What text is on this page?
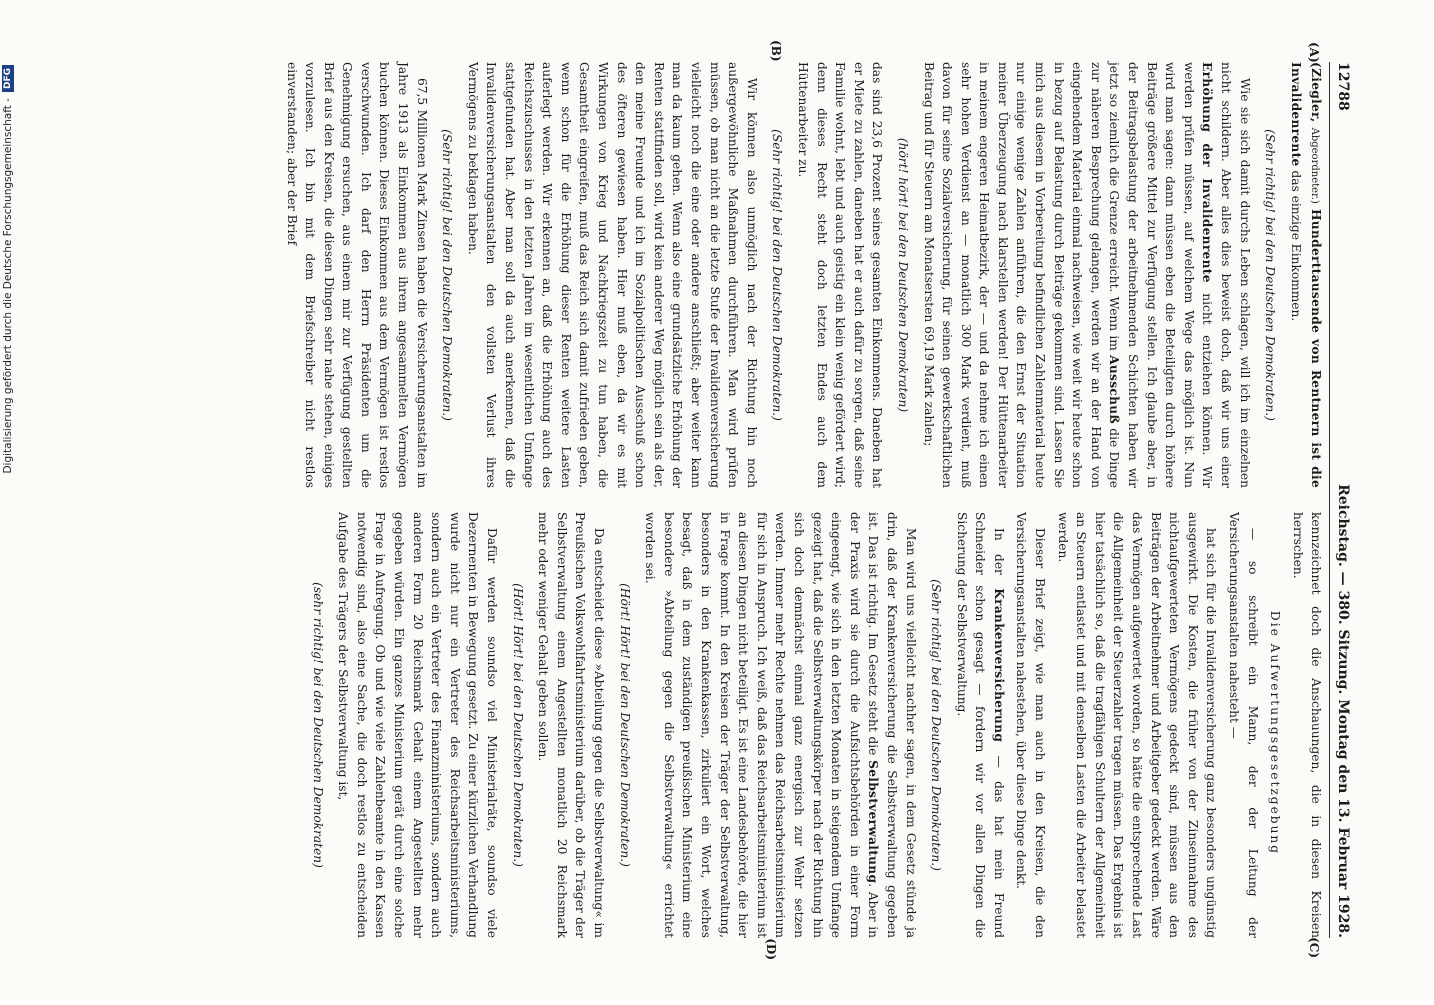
12788
Reichstag. — 380. Sitzung. Montag den 13. Februar 1928.
(A)
(C)
(B)
(D)

(Ziegler, Abgeordneter.) Hunderttausende von Rentnern ist die Invalidenrente das einzige Einkommen.

(Sehr richtig! bei den Deutschen Demokraten.)

Wie sie sich damit durchs Leben schlagen, will ich im einzelnen nicht schildern. Aber alles dies beweist doch, daß wir uns einer Erhöhung der Invalidenrente nicht entziehen können. Wir werden prüfen müssen, auf welchem Wege das möglich ist. Nun wird man sagen: dann müssen eben die Beteiligten durch höhere Beiträge größere Mittel zur Verfügung stellen. Ich glaube aber, in der Beitragsbelastung der arbeitnehmenden Schichten haben wir jetzt so ziemlich die Grenze erreicht. Wenn im Ausschuß die Dinge zur näheren Besprechung gelangen, werden wir an der Hand von eingehendem Material einmal nachweisen, wie weit wir heute schon in bezug auf Belastung durch Beiträge gekommen sind. Lassen Sie mich aus diesem in Vorbereitung befindlichen Zahlenmaterial heute nur einige wenige Zahlen anführen, die den Ernst der Situation meiner Überzeugung nach klarstellen werden! Der Hüttenarbeiter in meinem engeren Heimatbezirk, der — und da nehme ich einen sehr hohen Verdienst an — monatlich 300 Mark verdient, muß davon für seine Sozialversicherung, für seinen gewerkschaftlichen Beitrag und für Steuern am Monatsersten 69,19 Mark zahlen;

(hört! hört! bei den Deutschen Demokraten)

das sind 23,6 Prozent seines gesamten Einkommens. Daneben hat er Miete zu zahlen, daneben hat er auch dafür zu sorgen, daß seine Familie wohnt, lebt und auch geistig ein klein wenig gefördert wird; denn dieses Recht steht doch letzten Endes auch dem Hüttenarbeiter zu.

(Sehr richtig! bei den Deutschen Demokraten.)

Wir können also unmöglich nach der Richtung hin noch außergewöhnliche Maßnahmen durchführen. Man wird prüfen müssen, ob man nicht an die letzte Stufe der Invalidenversicherung vielleicht noch die eine oder andere anschließt; aber weiter kann man da kaum gehen. Wenn also eine grundsätzliche Erhöhung der Renten stattfinden soll, wird kein anderer Weg möglich sein als der, den meine Freunde und ich im Sozialpolitischen Ausschuß schon des öfteren gewiesen haben. Hier muß eben, da wir es mit Wirkungen von Krieg und Nachkriegszeit zu tun haben, die Gesamtheit eingreifen, muß das Reich sich damit zufrieden geben, wenn schon für die Erhöhung dieser Renten weitere Lasten auferlegt werden. Wir erkennen an, daß die Erhöhung auch des Reichszuschusses in den letzten Jahren im wesentlichen Umfange stattgefunden hat. Aber man soll da auch anerkennen, daß die Invalidenversicherungsanstalten den vollsten Verlust ihres Vermögens zu beklagen haben.

(Sehr richtig! bei den Deutschen Demokraten.)

67,5 Millionen Mark Zinsen haben die Versicherungsanstalten im Jahre 1913 als Einkommen aus ihrem angesammelten Vermögen buchen können. Dieses Einkommen aus dem Vermögen ist restlos verschwunden. Ich darf den Herrn Präsidenten um die Genehmigung ersuchen, aus einem mir zur Verfügung gestellten Brief aus den Kreisen, die diesen Dingen sehr nahe stehen, einiges vorzulesen. Ich bin mit dem Briefschreiber nicht restlos einverstanden; aber der Brief

kennzeichnet doch die Anschauungen, die in diesen Kreisen herrschen.

Die Aufwertungsgesetzgebung

— so schreibt ein Mann, der der Leitung der Versicherungsanstalten nahesteht —

hat sich für die Invalidenversicherung ganz besonders ungünstig ausgewirkt. Die Kosten, die früher von der Zinseinnahme des nichtaufgewerteten Vermögens gedeckt sind, müssen aus den Beiträgen der Arbeitnehmer und Arbeitgeber gedeckt werden. Wäre das Vermögen aufgewertet worden, so hätte die entsprechende Last die Allgemeinheit der Steuerzahler tragen müssen. Das Ergebnis ist hier tatsächlich so, daß die tragfähigen Schultern der Allgemeinheit an Steuern entlastet und mit denselben Lasten die Arbeiter belastet werden.

Dieser Brief zeigt, wie man auch in den Kreisen, die den Versicherungsanstalten nahestehen, über diese Dinge denkt.

In der Krankenversicherung — das hat mein Freund Schneider schon gesagt — fordern wir vor allen Dingen die Sicherung der Selbstverwaltung.

(Sehr richtig! bei den Deutschen Demokraten.)

Man wird uns vielleicht nachher sagen, in dem Gesetz stünde ja drin, daß der Krankenversicherung die Selbstverwaltung gegeben ist. Das ist richtig. Im Gesetz steht die Selbstverwaltung. Aber in der Praxis wird sie durch die Aufsichtsbehörden in einer Form eingeengt, wie sich in den letzten Monaten in steigendem Umfange gezeigt hat, daß die Selbstverwaltungskörper nach der Richtung hin sich doch demnächst einmal ganz energisch zur Wehr setzen werden. Immer mehr Rechte nehmen das Reichsarbeitsministerium für sich in Anspruch. Ich weiß, daß das Reichsarbeitsministerium ist an diesen Dingen nicht beteiligt. Es ist eine Landesbehörde, die hier in Frage kommt. In den Kreisen der Träger der Selbstverwaltung, besonders in den Krankenkassen, zirkuliert ein Wort, welches besagt, daß in dem zuständigen preußischen Ministerium eine besondere »Abteilung gegen die Selbstverwaltung« errichtet worden sei.

(Hört! Hört! bei den Deutschen Demokraten.)

Da entscheidet diese »Abteilung gegen die Selbstverwaltung« im Preußischen Volkswohlfahrtsministerium darüber, ob die Träger der Selbstverwaltung einem Angestellten monatlich 20 Reichsmark mehr oder weniger Gehalt geben sollen.

(Hört! Hört! bei den Deutschen Demokraten.)

Dafür werden soundso viel Ministerialräte, soundso viele Dezernenten in Bewegung gesetzt. Zu einer kürzlichen Verhandlung wurde nicht nur ein Vertreter des Reichsarbeitsministeriums, sondern auch ein Vertreter des Finanzministeriums, sondern auch anderen Form 20 Reichsmark Gehalt einem Angestellten mehr gegeben würden. Ein ganzes Ministerium gerät durch eine solche Frage in Aufregung. Ob und wie viele Zahlenbeamte in den Kassen notwendig sind, also eine Sache, die doch restlos zu entscheiden Aufgabe des Trägers der Selbstverwaltung ist,

(sehr richtig! bei den Deutschen Demokraten)
Digitalisierung gefördert durch die Deutsche Forschungsgemeinschaft -
DFG
